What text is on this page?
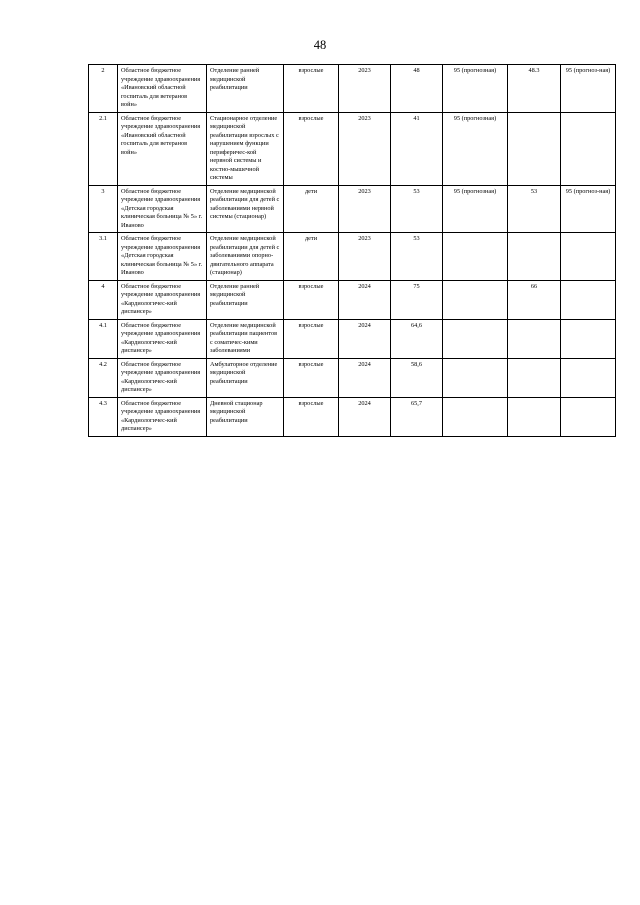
48
2	Областное бюджетное учреждение здравоохранения «Ивановский областной госпиталь для ветеранов войн»	Отделение ранней медицинской реабилитации	взрослые	2023	48	95 (прогнозная)	48.3	95 (прогноз-ная)
2.1	Областное бюджетное учреждение здравоохранения «Ивановский областной госпиталь для ветеранов войн»	Стационарное отделение медицинской реабилитации взрослых с нарушением функции периферичес-кой нервной системы и костно-мышечной системы	взрослые	2023	41	95 (прогнозная)		
3	Областное бюджетное учреждение здравоохранения «Детская городская клиническая больница № 5» г. Иваново	Отделение медицинской реабилитации для детей с заболеваниями нервной системы (стационар)	дети	2023	53	95 (прогнозная)	53	95 (прогноз-ная)
3.1	Областное бюджетное учреждение здравоохранения «Детская городская клиническая больница № 5» г. Иваново	Отделение медицинской реабилитации для детей с заболеваниями опорно-двигательного аппарата (стационар)	дети	2023	53			
4	Областное бюджетное учреждение здравоохранения «Кардиологичес-кий диспансер»	Отделение ранней медицинской реабилитации	взрослые	2024	75		66	
4.1	Областное бюджетное учреждение здравоохранения «Кардиологичес-кий диспансер»	Отделение медицинской реабилитации пациентов с соматичес-кими заболеваниями	взрослые	2024	64,6			
4.2	Областное бюджетное учреждение здравоохранения «Кардиологичес-кий диспансер»	Амбулаторное отделение медицинской реабилитации	взрослые	2024	58,6			
4.3	Областное бюджетное учреждение здравоохранения «Кардиологичес-кий диспансер»	Дневной стационар медицинской реабилитации	взрослые	2024	65,7			
